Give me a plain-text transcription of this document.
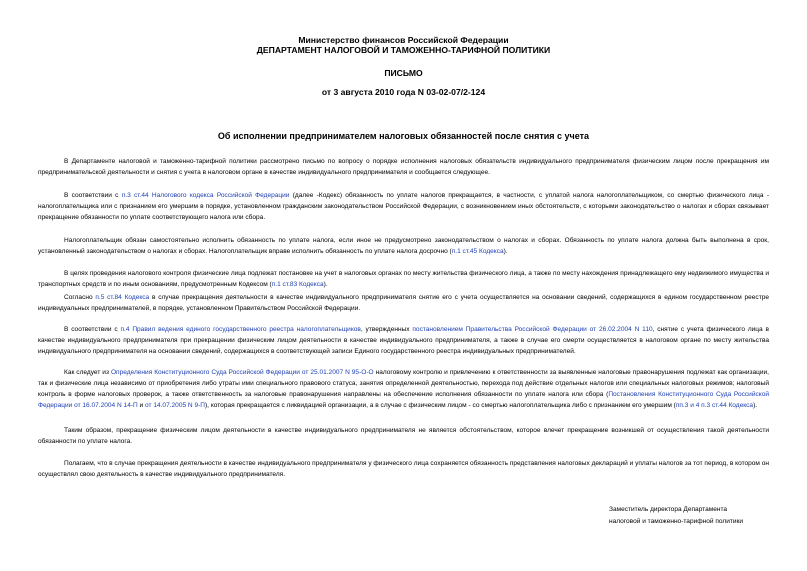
Министерство финансов Российской Федерации
ДЕПАРТАМЕНТ НАЛОГОВОЙ И ТАМОЖЕННО-ТАРИФНОЙ ПОЛИТИКИ
ПИСЬМО
от 3 августа 2010 года N 03-02-07/2-124
Об исполнении предпринимателем налоговых обязанностей после снятия с учета

В Департаменте налоговой и таможенно-тарифной политики рассмотрено письмо по вопросу о порядке исполнения налоговых обязательств индивидуального предпринимателя физическим лицом после прекращения им предпринимательской деятельности и снятия с учета в налоговом органе в качестве индивидуального предпринимателя и сообщается следующее.

В соответствии с п.3 ст.44 Налогового кодекса Российской Федерации (далее -Кодекс) обязанность по уплате налогов прекращается, в частности, с уплатой налога налогоплательщиком, со смертью физического лица - налогоплательщика или с признанием его умершим в порядке, установленном гражданским законодательством Российской Федерации, с возникновением иных обстоятельств, с которыми законодательство о налогах и сборах связывает прекращение обязанности по уплате соответствующего налога или сбора.

Налогоплательщик обязан самостоятельно исполнить обязанность по уплате налога, если иное не предусмотрено законодательством о налогах и сборах. Обязанность по уплате налога должна быть выполнена в срок, установленный законодательством о налогах и сборах. Налогоплательщик вправе исполнить обязанность по уплате налога досрочно (п.1 ст.45 Кодекса).

В целях проведения налогового контроля физические лица подлежат постановке на учет в налоговых органах по месту жительства физического лица, а также по месту нахождения принадлежащего ему недвижимого имущества и транспортных средств и по иным основаниям, предусмотренным Кодексом (п.1 ст.83 Кодекса).

Согласно п.5 ст.84 Кодекса в случае прекращения деятельности в качестве индивидуального предпринимателя снятие его с учета осуществляется на основании сведений, содержащихся в едином государственном реестре индивидуальных предпринимателей, в порядке, установленном Правительством Российской Федерации.

В соответствии с п.4 Правил ведения единого государственного реестра налогоплательщиков, утвержденных постановлением Правительства Российской Федерации от 26.02.2004 N 110, снятие с учета физического лица в качестве индивидуального предпринимателя при прекращении физическим лицом деятельности в качестве индивидуального предпринимателя, а также в случае его смерти осуществляется в налоговом органе по месту жительства индивидуального предпринимателя на основании сведений, содержащихся в соответствующей записи Единого государственного реестра индивидуальных предпринимателей.

Как следует из Определения Конституционного Суда Российской Федерации от 25.01.2007 N 95-О-О налоговому контролю и привлечению к ответственности за выявленные налоговые правонарушения подлежат как организации, так и физические лица независимо от приобретения либо утраты ими специального правового статуса, занятия определенной деятельностью, перехода под действие отдельных налогов или специальных налоговых режимов; налоговый контроль в форме налоговых проверок, а также ответственность за налоговые правонарушения направлены на обеспечение исполнения обязанности по уплате налога или сбора (Постановления Конституционного Суда Российской Федерации от 16.07.2004 N 14-П и от 14.07.2005 N 9-П), которая прекращается с ликвидацией организации, а в случае с физическим лицом - со смертью налогоплательщика либо с признанием его умершим (пп.3 и 4 п.3 ст.44 Кодекса).

Таким образом, прекращение физическим лицом деятельности в качестве индивидуального предпринимателя не является обстоятельством, которое влечет прекращение возникшей от осуществления такой деятельности обязанности по уплате налога.

Полагаем, что в случае прекращения деятельности в качестве индивидуального предпринимателя у физического лица сохраняется обязанность представления налоговых деклараций и уплаты налогов за тот период, в котором он осуществлял свою деятельность в качестве индивидуального предпринимателя.

Заместитель директора Департамента
налоговой и таможенно-тарифной политики
